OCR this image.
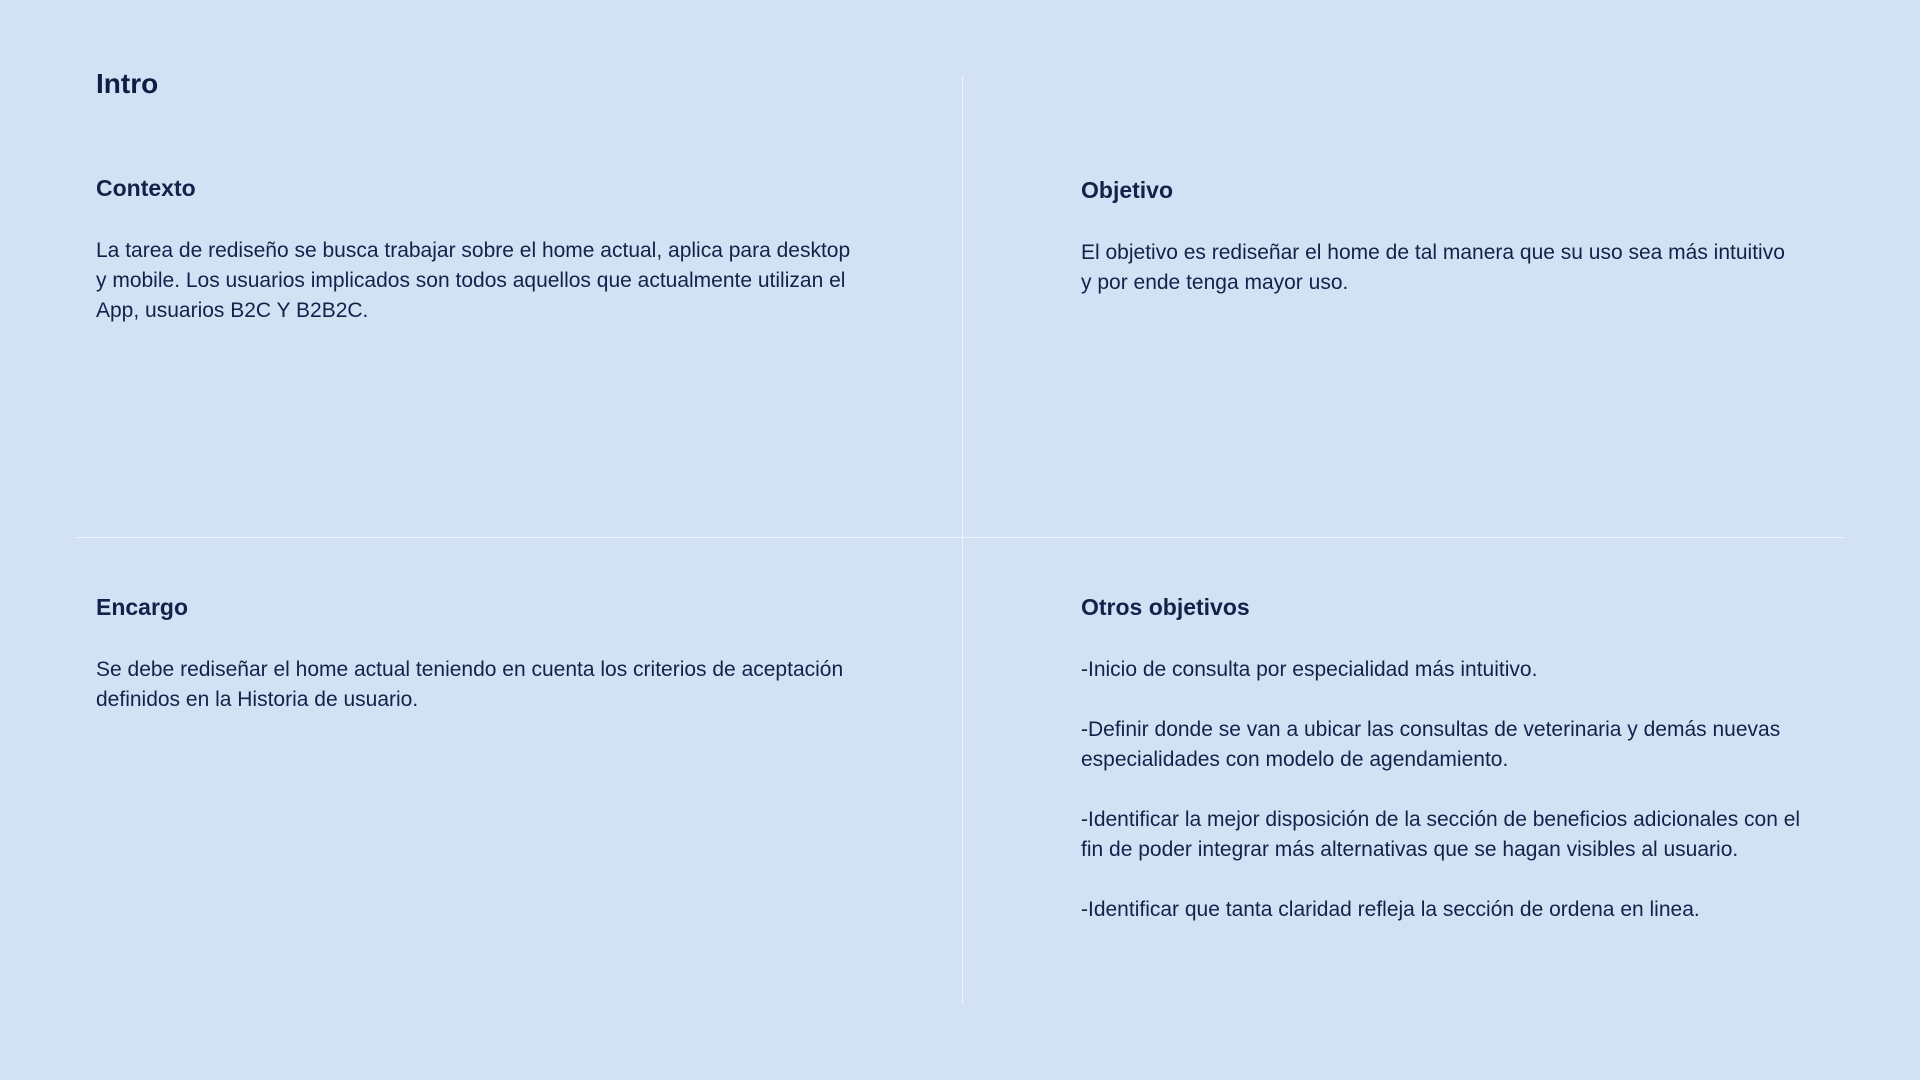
Intro
Contexto

La tarea de rediseño se busca trabajar sobre el home actual, aplica para desktop y mobile. Los usuarios implicados son todos aquellos que actualmente utilizan el App, usuarios B2C Y B2B2C.

Objetivo

El objetivo es rediseñar el home de tal manera que su uso sea más intuitivo y por ende tenga mayor uso.

Encargo

Se debe rediseñar el home actual teniendo en cuenta los criterios de aceptación definidos en la Historia de usuario.

Otros objetivos

-Inicio de consulta por especialidad más intuitivo.

-Definir donde se van a ubicar las consultas de veterinaria y demás nuevas especialidades con modelo de agendamiento.

-Identificar la mejor disposición de la sección de beneficios adicionales con el fin de poder integrar más alternativas que se hagan visibles al usuario.

-Identificar que tanta claridad refleja la sección de ordena en linea.
